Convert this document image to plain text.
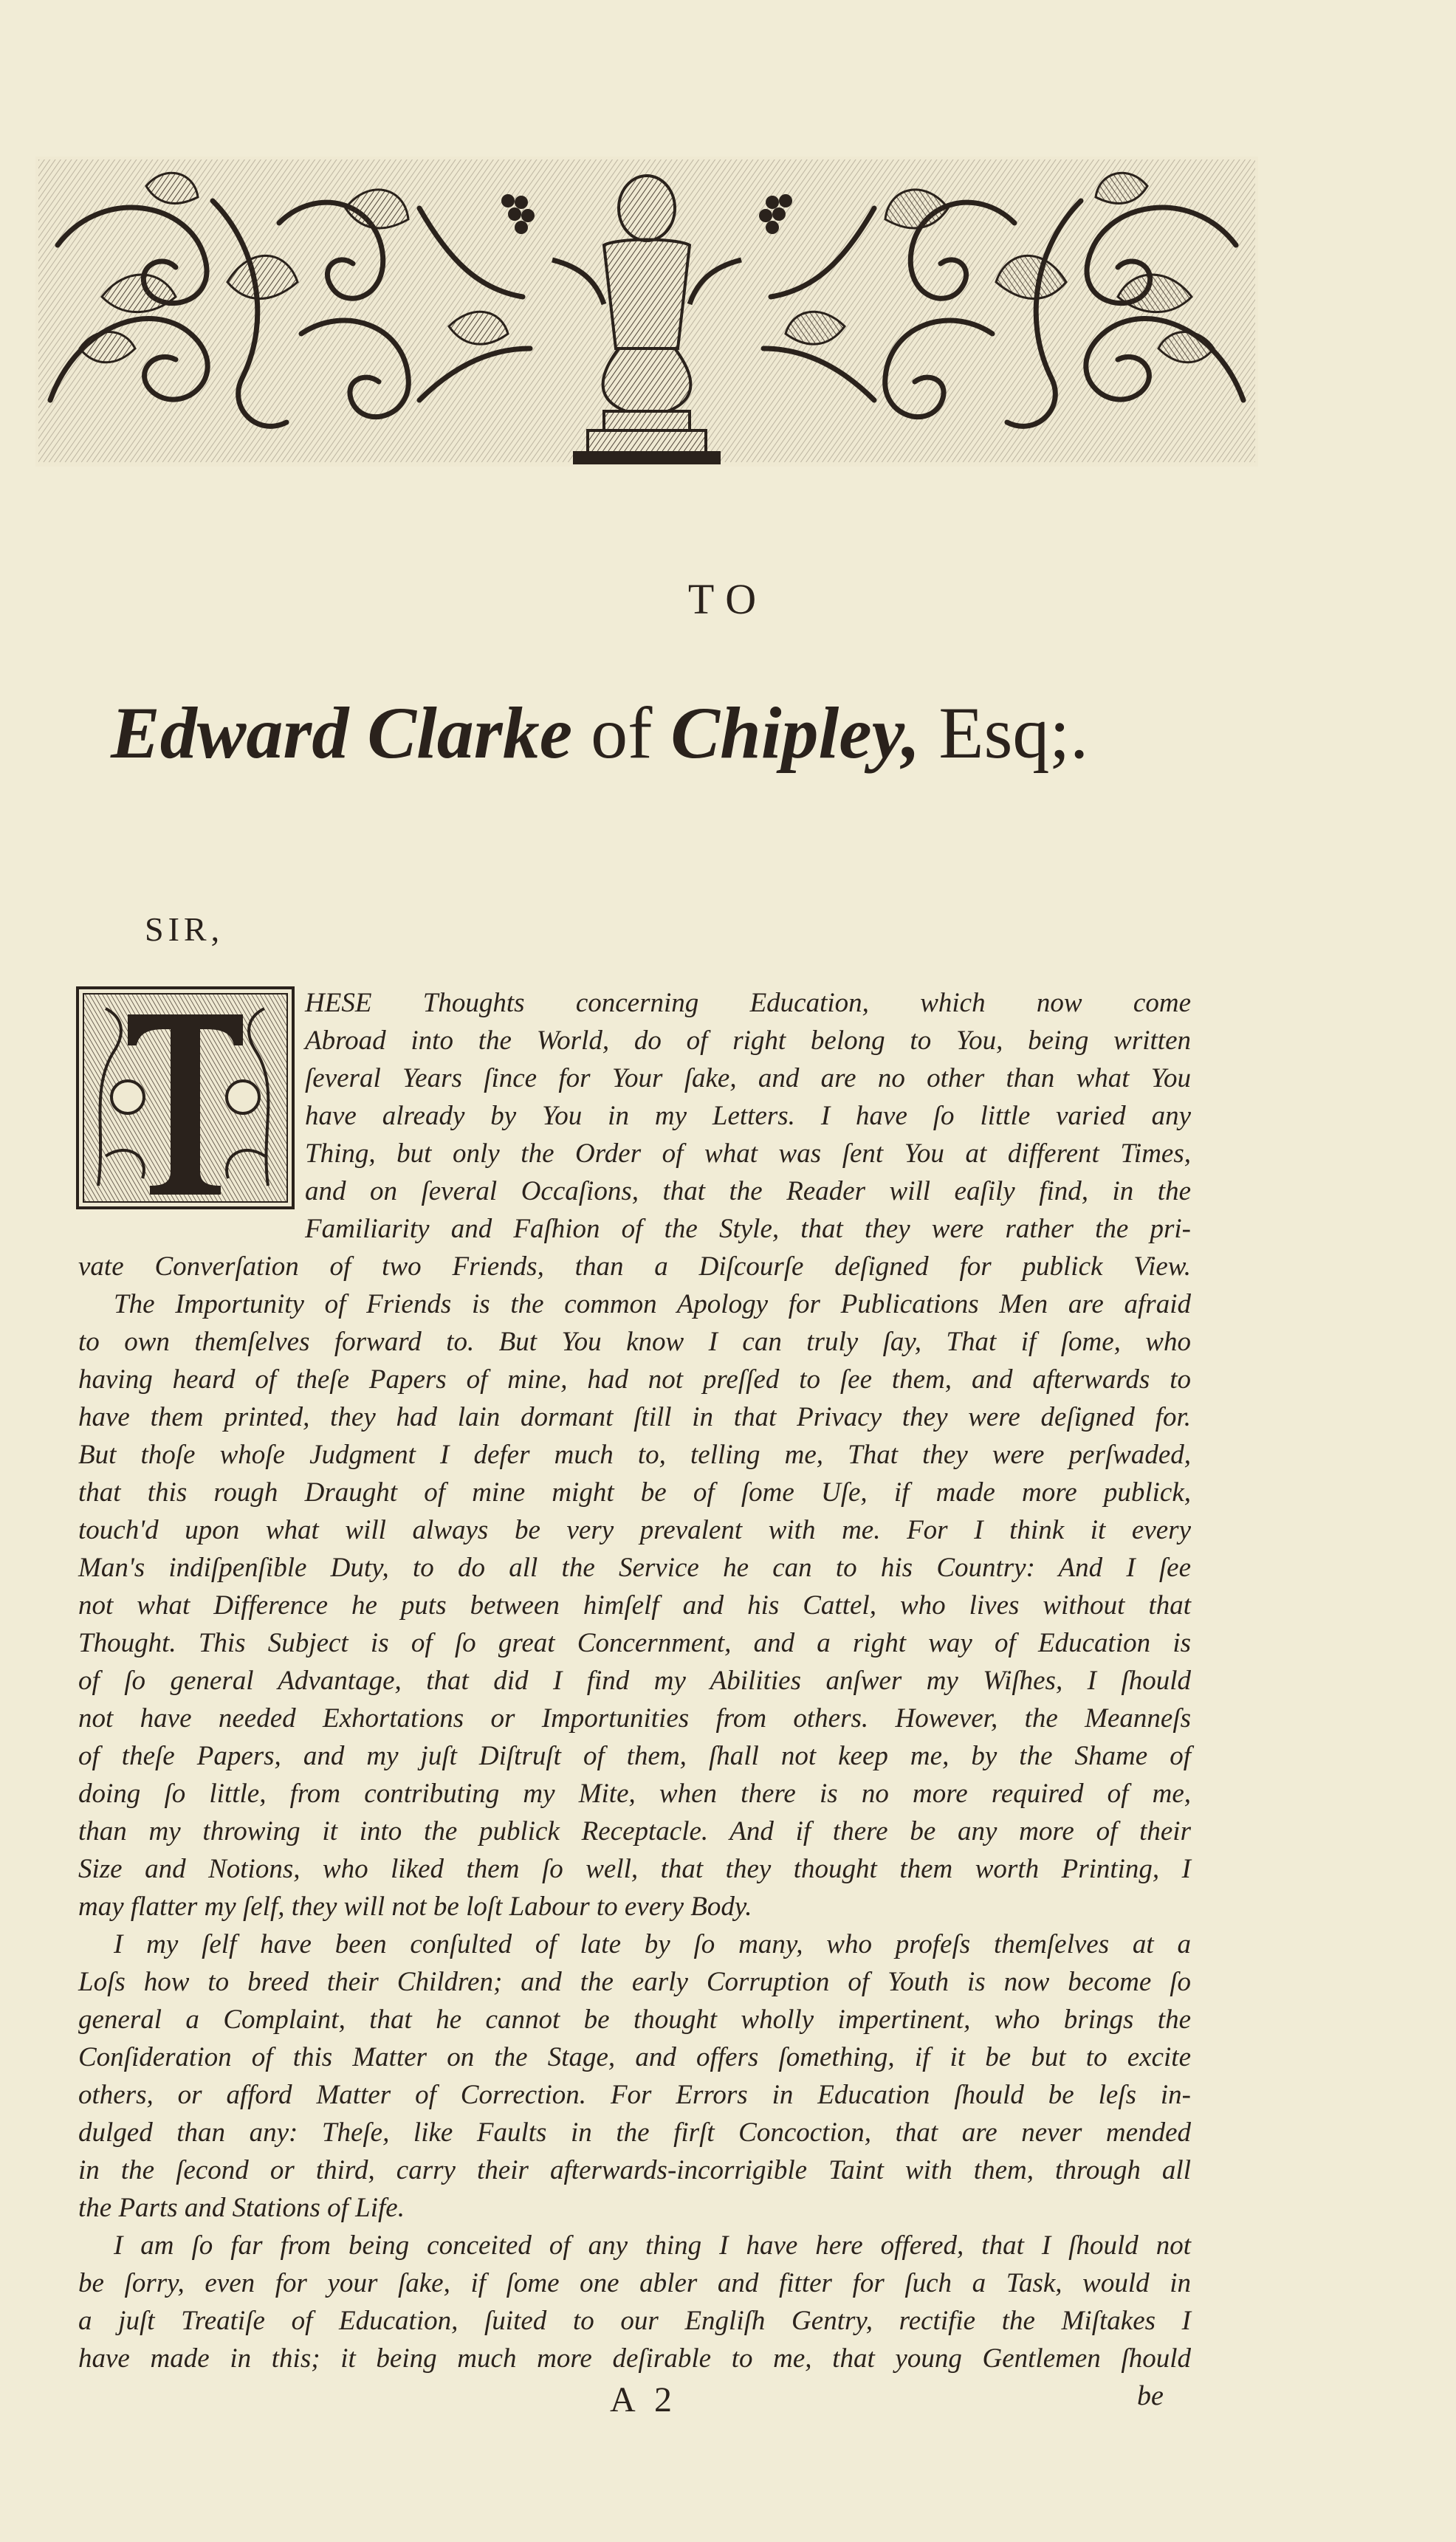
TO
Edward Clarke of Chipley, Esq;.
SIR,
HESE Thoughts concerning Education, which now come
Abroad into the World, do of right belong to You, being written
ſeveral Years ſince for Your ſake, and are no other than what You
have already by You in my Letters. I have ſo little varied any
Thing, but only the Order of what was ſent You at different Times,
and on ſeveral Occaſions, that the Reader will eaſily find, in the
Familiarity and Faſhion of the Style, that they were rather the pri-
vate Converſation of two Friends, than a Diſcourſe deſigned for publick View.
The Importunity of Friends is the common Apology for Publications Men are afraid
to own themſelves forward to. But You know I can truly ſay, That if ſome, who
having heard of theſe Papers of mine, had not preſſed to ſee them, and afterwards to
have them printed, they had lain dormant ſtill in that Privacy they were deſigned for.
But thoſe whoſe Judgment I defer much to, telling me, That they were perſwaded,
that this rough Draught of mine might be of ſome Uſe, if made more publick,
touch'd upon what will always be very prevalent with me. For I think it every
Man's indiſpenſible Duty, to do all the Service he can to his Country: And I ſee
not what Difference he puts between himſelf and his Cattel, who lives without that
Thought. This Subject is of ſo great Concernment, and a right way of Education is
of ſo general Advantage, that did I find my Abilities anſwer my Wiſhes, I ſhould
not have needed Exhortations or Importunities from others. However, the Meanneſs
of theſe Papers, and my juſt Diſtruſt of them, ſhall not keep me, by the Shame of
doing ſo little, from contributing my Mite, when there is no more required of me,
than my throwing it into the publick Receptacle. And if there be any more of their
Size and Notions, who liked them ſo well, that they thought them worth Printing, I
may flatter my ſelf, they will not be loſt Labour to every Body.
I my ſelf have been conſulted of late by ſo many, who profeſs themſelves at a
Loſs how to breed their Children; and the early Corruption of Youth is now become ſo
general a Complaint, that he cannot be thought wholly impertinent, who brings the
Conſideration of this Matter on the Stage, and offers ſomething, if it be but to excite
others, or afford Matter of Correction. For Errors in Education ſhould be leſs in-
dulged than any: Theſe, like Faults in the firſt Concoction, that are never mended
in the ſecond or third, carry their afterwards-incorrigible Taint with them, through all
the Parts and Stations of Life.
I am ſo far from being conceited of any thing I have here offered, that I ſhould not
be ſorry, even for your ſake, if ſome one abler and fitter for ſuch a Task, would in
a juſt Treatiſe of Education, ſuited to our Engliſh Gentry, rectifie the Miſtakes I
have made in this; it being much more deſirable to me, that young Gentlemen ſhould
A 2	be
